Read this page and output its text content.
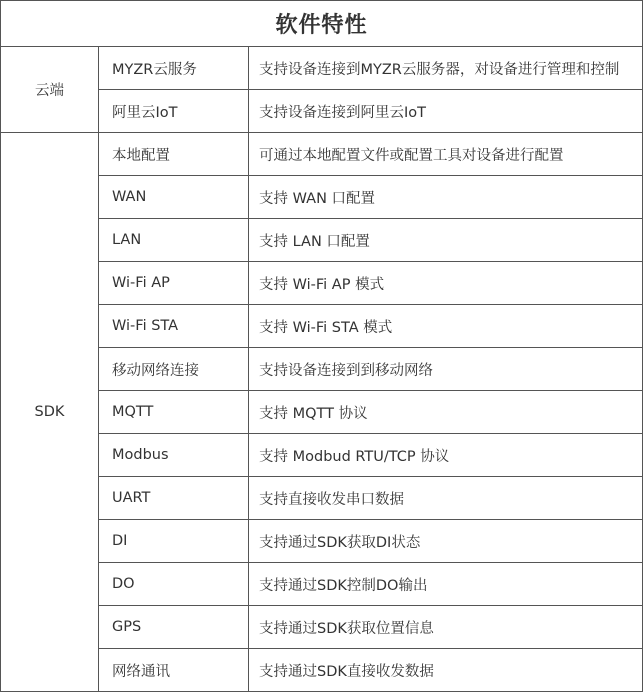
软件特性
云端	MYZR云服务	支持设备连接到MYZR云服务器，对设备进行管理和控制
	阿里云IoT	支持设备连接到阿里云IoT
SDK	本地配置	可通过本地配置文件或配置工具对设备进行配置
	WAN	支持 WAN 口配置
	LAN	支持 LAN 口配置
	Wi-Fi AP	支持 Wi-Fi AP 模式
	Wi-Fi STA	支持 Wi-Fi STA 模式
	移动网络连接	支持设备连接到到移动网络
	MQTT	支持 MQTT 协议
	Modbus	支持 Modbud RTU/TCP 协议
	UART	支持直接收发串口数据
	DI	支持通过SDK获取DI状态
	DO	支持通过SDK控制DO输出
	GPS	支持通过SDK获取位置信息
	网络通讯	支持通过SDK直接收发数据
